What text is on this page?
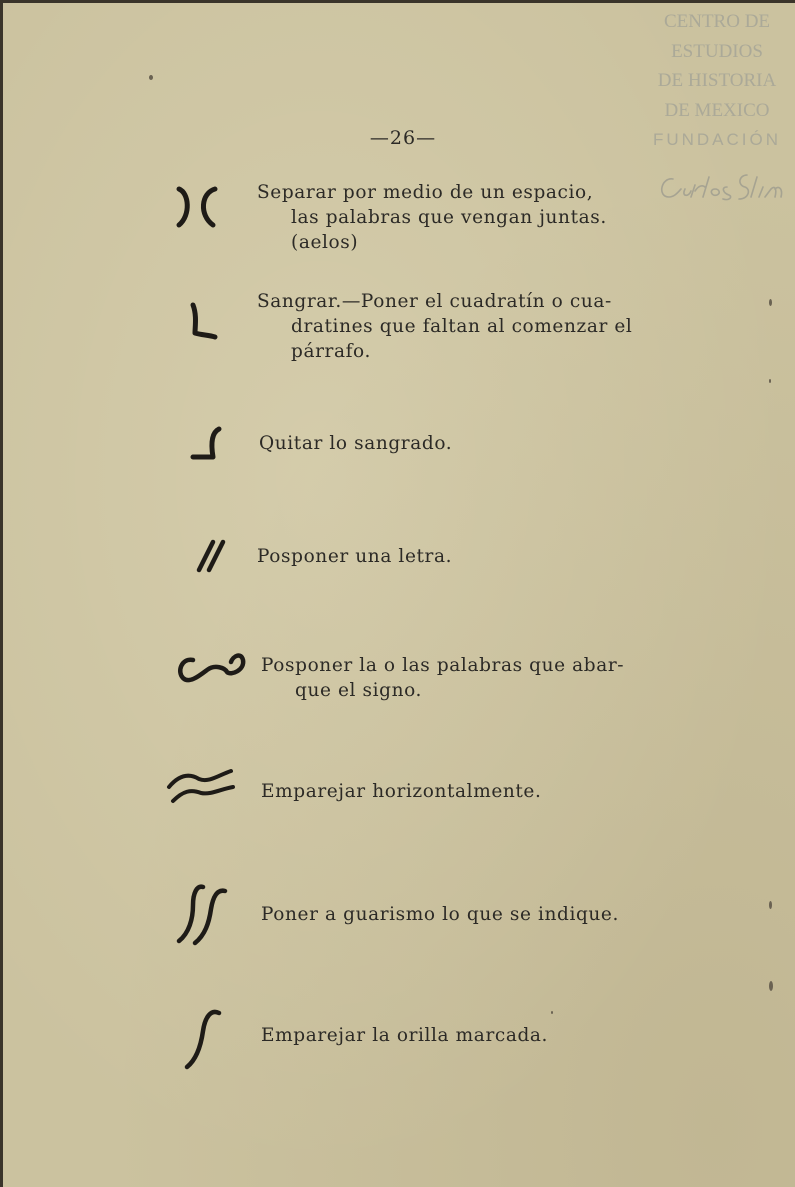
CENTRO DE
ESTUDIOS
DE HISTORIA
DE MEXICO
FUNDACIÓN
—26—
Separar por medio de un espacio,
las palabras que vengan juntas.
(aelos)
Sangrar.—Poner el cuadratín o cua-
dratines que faltan al comenzar el
párrafo.
Quitar lo sangrado.
Posponer una letra.
Posponer la o las palabras que abar-
que el signo.
Emparejar horizontalmente.
Poner a guarismo lo que se indique.
Emparejar la orilla marcada.
